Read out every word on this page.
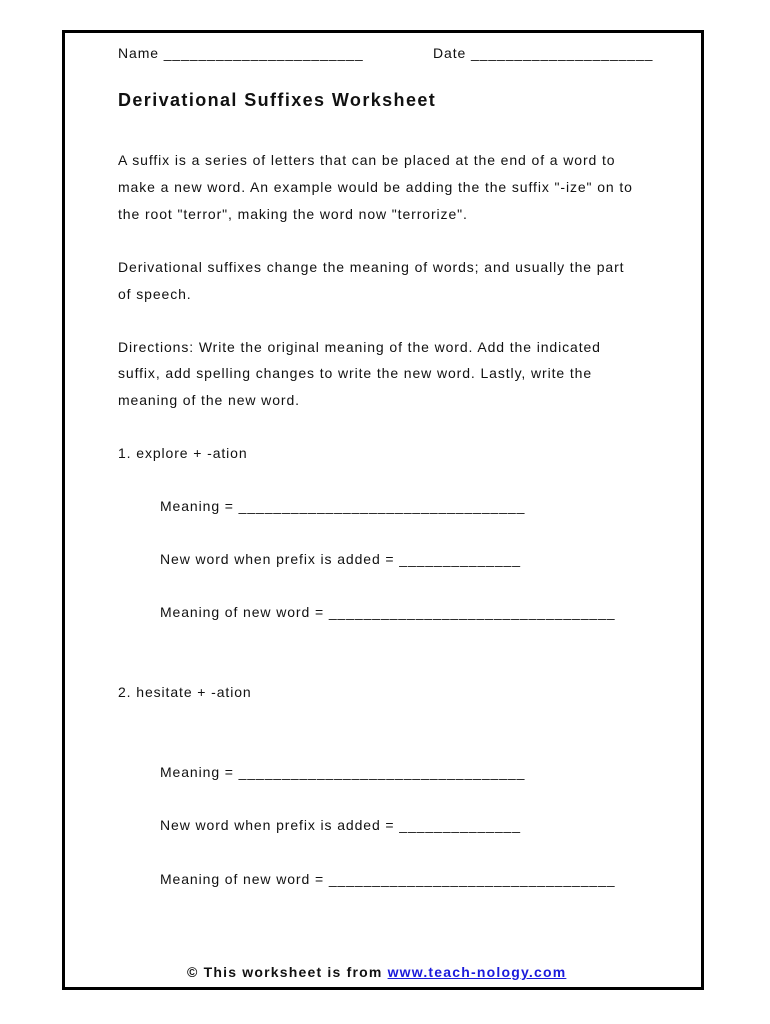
Name _______________________	Date _____________________
Derivational Suffixes Worksheet
A suffix is a series of letters that can be placed at the end of a word to
make a new word. An example would be adding the the suffix "-ize" on to
the root "terror", making the word now "terrorize".
Derivational suffixes change the meaning of words; and usually the part
of speech.
Directions: Write the original meaning of the word. Add the indicated
suffix, add spelling changes to write the new word. Lastly, write the
meaning of the new word.
1. explore + -ation
Meaning = _________________________________
New word when prefix is added = ______________
Meaning of new word = _________________________________
2. hesitate + -ation
Meaning = _________________________________
New word when prefix is added = ______________
Meaning of new word = _________________________________
© This worksheet is from www.teach-nology.com
